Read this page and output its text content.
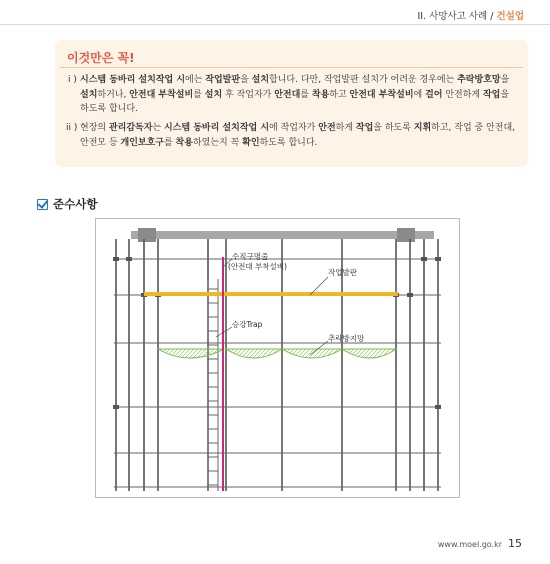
II. 사망사고 사례 / 건설업
이것만은 꼭!
i ) 시스템 동바리 설치작업 시에는 작업발판을 설치합니다. 다만, 작업발판 설치가 어려운 경우에는 추락방호망을 설치하거나, 안전대 부착설비를 설치 후 작업자가 안전대를 착용하고 안전대 부착설비에 걸어 안전하게 작업을 하도록 합니다.
ii ) 현장의 관리감독자는 시스템 동바리 설치작업 시에 작업자가 안전하게 작업을 하도록 지휘하고, 작업 중 안전대, 안전모 등 개인보호구를 착용하였는지 꼭 확인하도록 합니다.
준수사항
수직구명줄
(안전대 부착설비)
작업발판
승강Trap
추락방지망
www.moel.go.kr 15
